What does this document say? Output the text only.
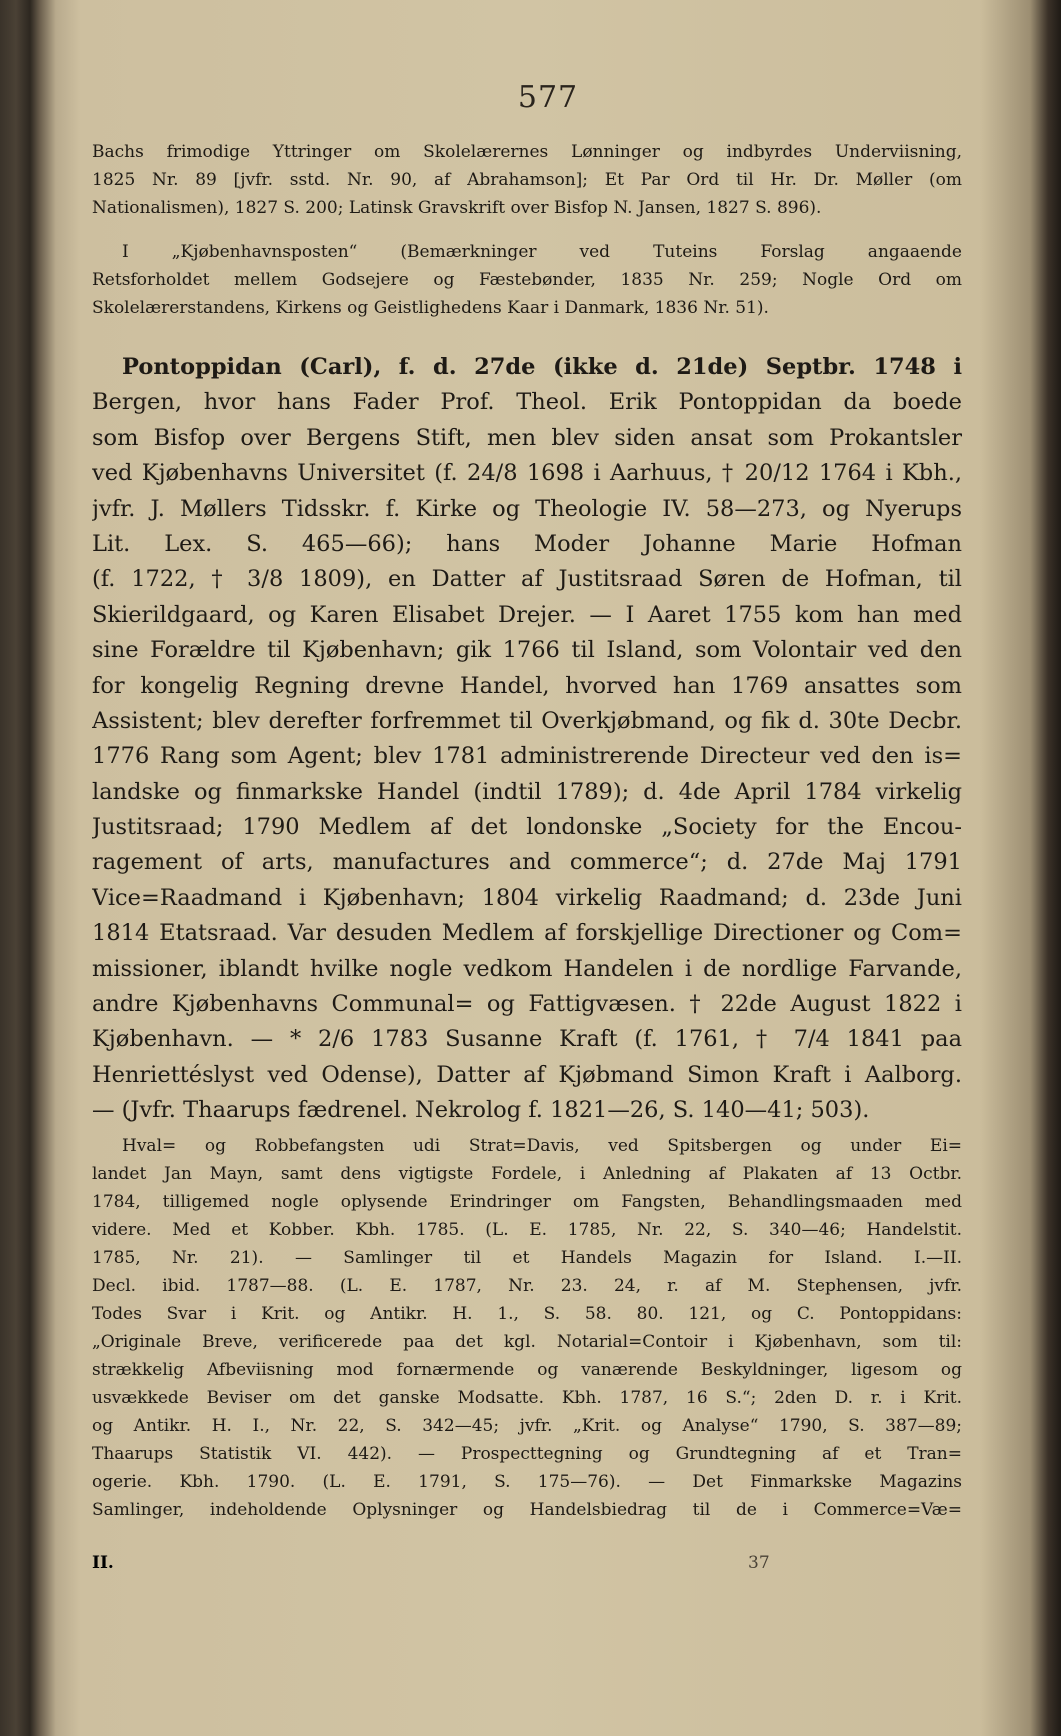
577
Bachs frimodige Yttringer om Skolelærernes Lønninger og indbyrdes Underviisning,
1825 Nr. 89 [jvfr. sstd. Nr. 90, af Abrahamson]; Et Par Ord til Hr. Dr. Møller (om
Nationalismen), 1827 S. 200; Latinsk Gravskrift over Bisfop N. Jansen, 1827 S. 896).
I „Kjøbenhavnsposten“ (Bemærkninger ved Tuteins Forslag angaaende
Retsforholdet mellem Godsejere og Fæstebønder, 1835 Nr. 259; Nogle Ord om
Skolelærerstandens, Kirkens og Geistlighedens Kaar i Danmark, 1836 Nr. 51).
Pontoppidan (Carl), f. d. 27de (ikke d. 21de) Septbr. 1748 i
Bergen, hvor hans Fader Prof. Theol. Erik Pontoppidan da boede
som Bisfop over Bergens Stift, men blev siden ansat som Prokantsler
ved Kjøbenhavns Universitet (f. 24/8 1698 i Aarhuus, † 20/12 1764 i Kbh.,
jvfr. J. Møllers Tidsskr. f. Kirke og Theologie IV. 58—273, og Nyerups
Lit. Lex. S. 465—66); hans Moder Johanne Marie Hofman
(f. 1722, † 3/8 1809), en Datter af Justitsraad Søren de Hofman, til
Skierildgaard, og Karen Elisabet Drejer. — I Aaret 1755 kom han med
sine Forældre til Kjøbenhavn; gik 1766 til Island, som Volontair ved den
for kongelig Regning drevne Handel, hvorved han 1769 ansattes som
Assistent; blev derefter forfremmet til Overkjøbmand, og fik d. 30te Decbr.
1776 Rang som Agent; blev 1781 administrerende Directeur ved den is=
landske og finmarkske Handel (indtil 1789); d. 4de April 1784 virkelig
Justitsraad; 1790 Medlem af det londonske „Society for the Encou-
ragement of arts, manufactures and commerce“; d. 27de Maj 1791
Vice=Raadmand i Kjøbenhavn; 1804 virkelig Raadmand; d. 23de Juni
1814 Etatsraad. Var desuden Medlem af forskjellige Directioner og Com=
missioner, iblandt hvilke nogle vedkom Handelen i de nordlige Farvande,
andre Kjøbenhavns Communal= og Fattigvæsen. † 22de August 1822 i
Kjøbenhavn. — * 2/6 1783 Susanne Kraft (f. 1761, † 7/4 1841 paa
Henriettéslyst ved Odense), Datter af Kjøbmand Simon Kraft i Aalborg.
— (Jvfr. Thaarups fædrenel. Nekrolog f. 1821—26, S. 140—41; 503).
Hval= og Robbefangsten udi Strat=Davis, ved Spitsbergen og under Ei=
landet Jan Mayn, samt dens vigtigste Fordele, i Anledning af Plakaten af 13 Octbr.
1784, tilligemed nogle oplysende Erindringer om Fangsten, Behandlingsmaaden med
videre. Med et Kobber. Kbh. 1785. (L. E. 1785, Nr. 22, S. 340—46; Handelstit.
1785, Nr. 21). — Samlinger til et Handels Magazin for Island. I.—II.
Decl. ibid. 1787—88. (L. E. 1787, Nr. 23. 24, r. af M. Stephensen, jvfr.
Todes Svar i Krit. og Antikr. H. 1., S. 58. 80. 121, og C. Pontoppidans:
„Originale Breve, verificerede paa det kgl. Notarial=Contoir i Kjøbenhavn, som til:
strækkelig Afbeviisning mod fornærmende og vanærende Beskyldninger, ligesom og
usvækkede Beviser om det ganske Modsatte. Kbh. 1787, 16 S.“; 2den D. r. i Krit.
og Antikr. H. I., Nr. 22, S. 342—45; jvfr. „Krit. og Analyse“ 1790, S. 387—89;
Thaarups Statistik VI. 442). — Prospecttegning og Grundtegning af et Tran=
ogerie. Kbh. 1790. (L. E. 1791, S. 175—76). — Det Finmarkske Magazins
Samlinger, indeholdende Oplysninger og Handelsbiedrag til de i Commerce=Væ=
II.	37
